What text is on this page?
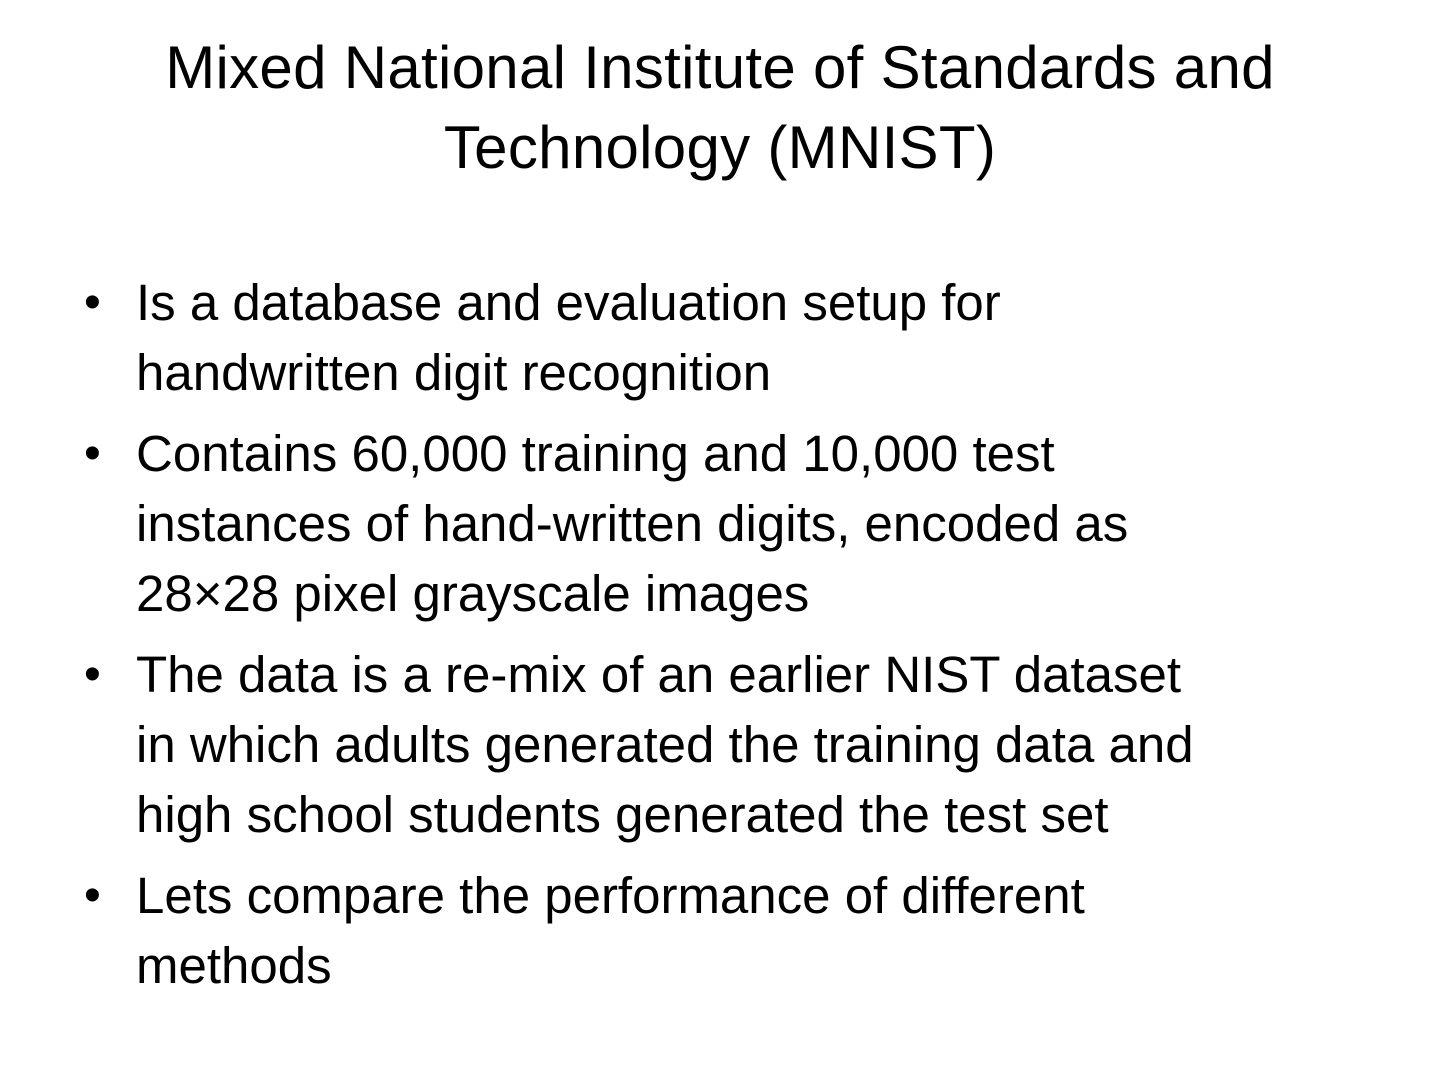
Mixed National Institute of Standards and
Technology (MNIST)
• Is a database and evaluation setup for
handwritten digit recognition
• Contains 60,000 training and 10,000 test
instances of hand-written digits, encoded as
28×28 pixel grayscale images
• The data is a re-mix of an earlier NIST dataset
in which adults generated the training data and
high school students generated the test set
• Lets compare the performance of different
methods
